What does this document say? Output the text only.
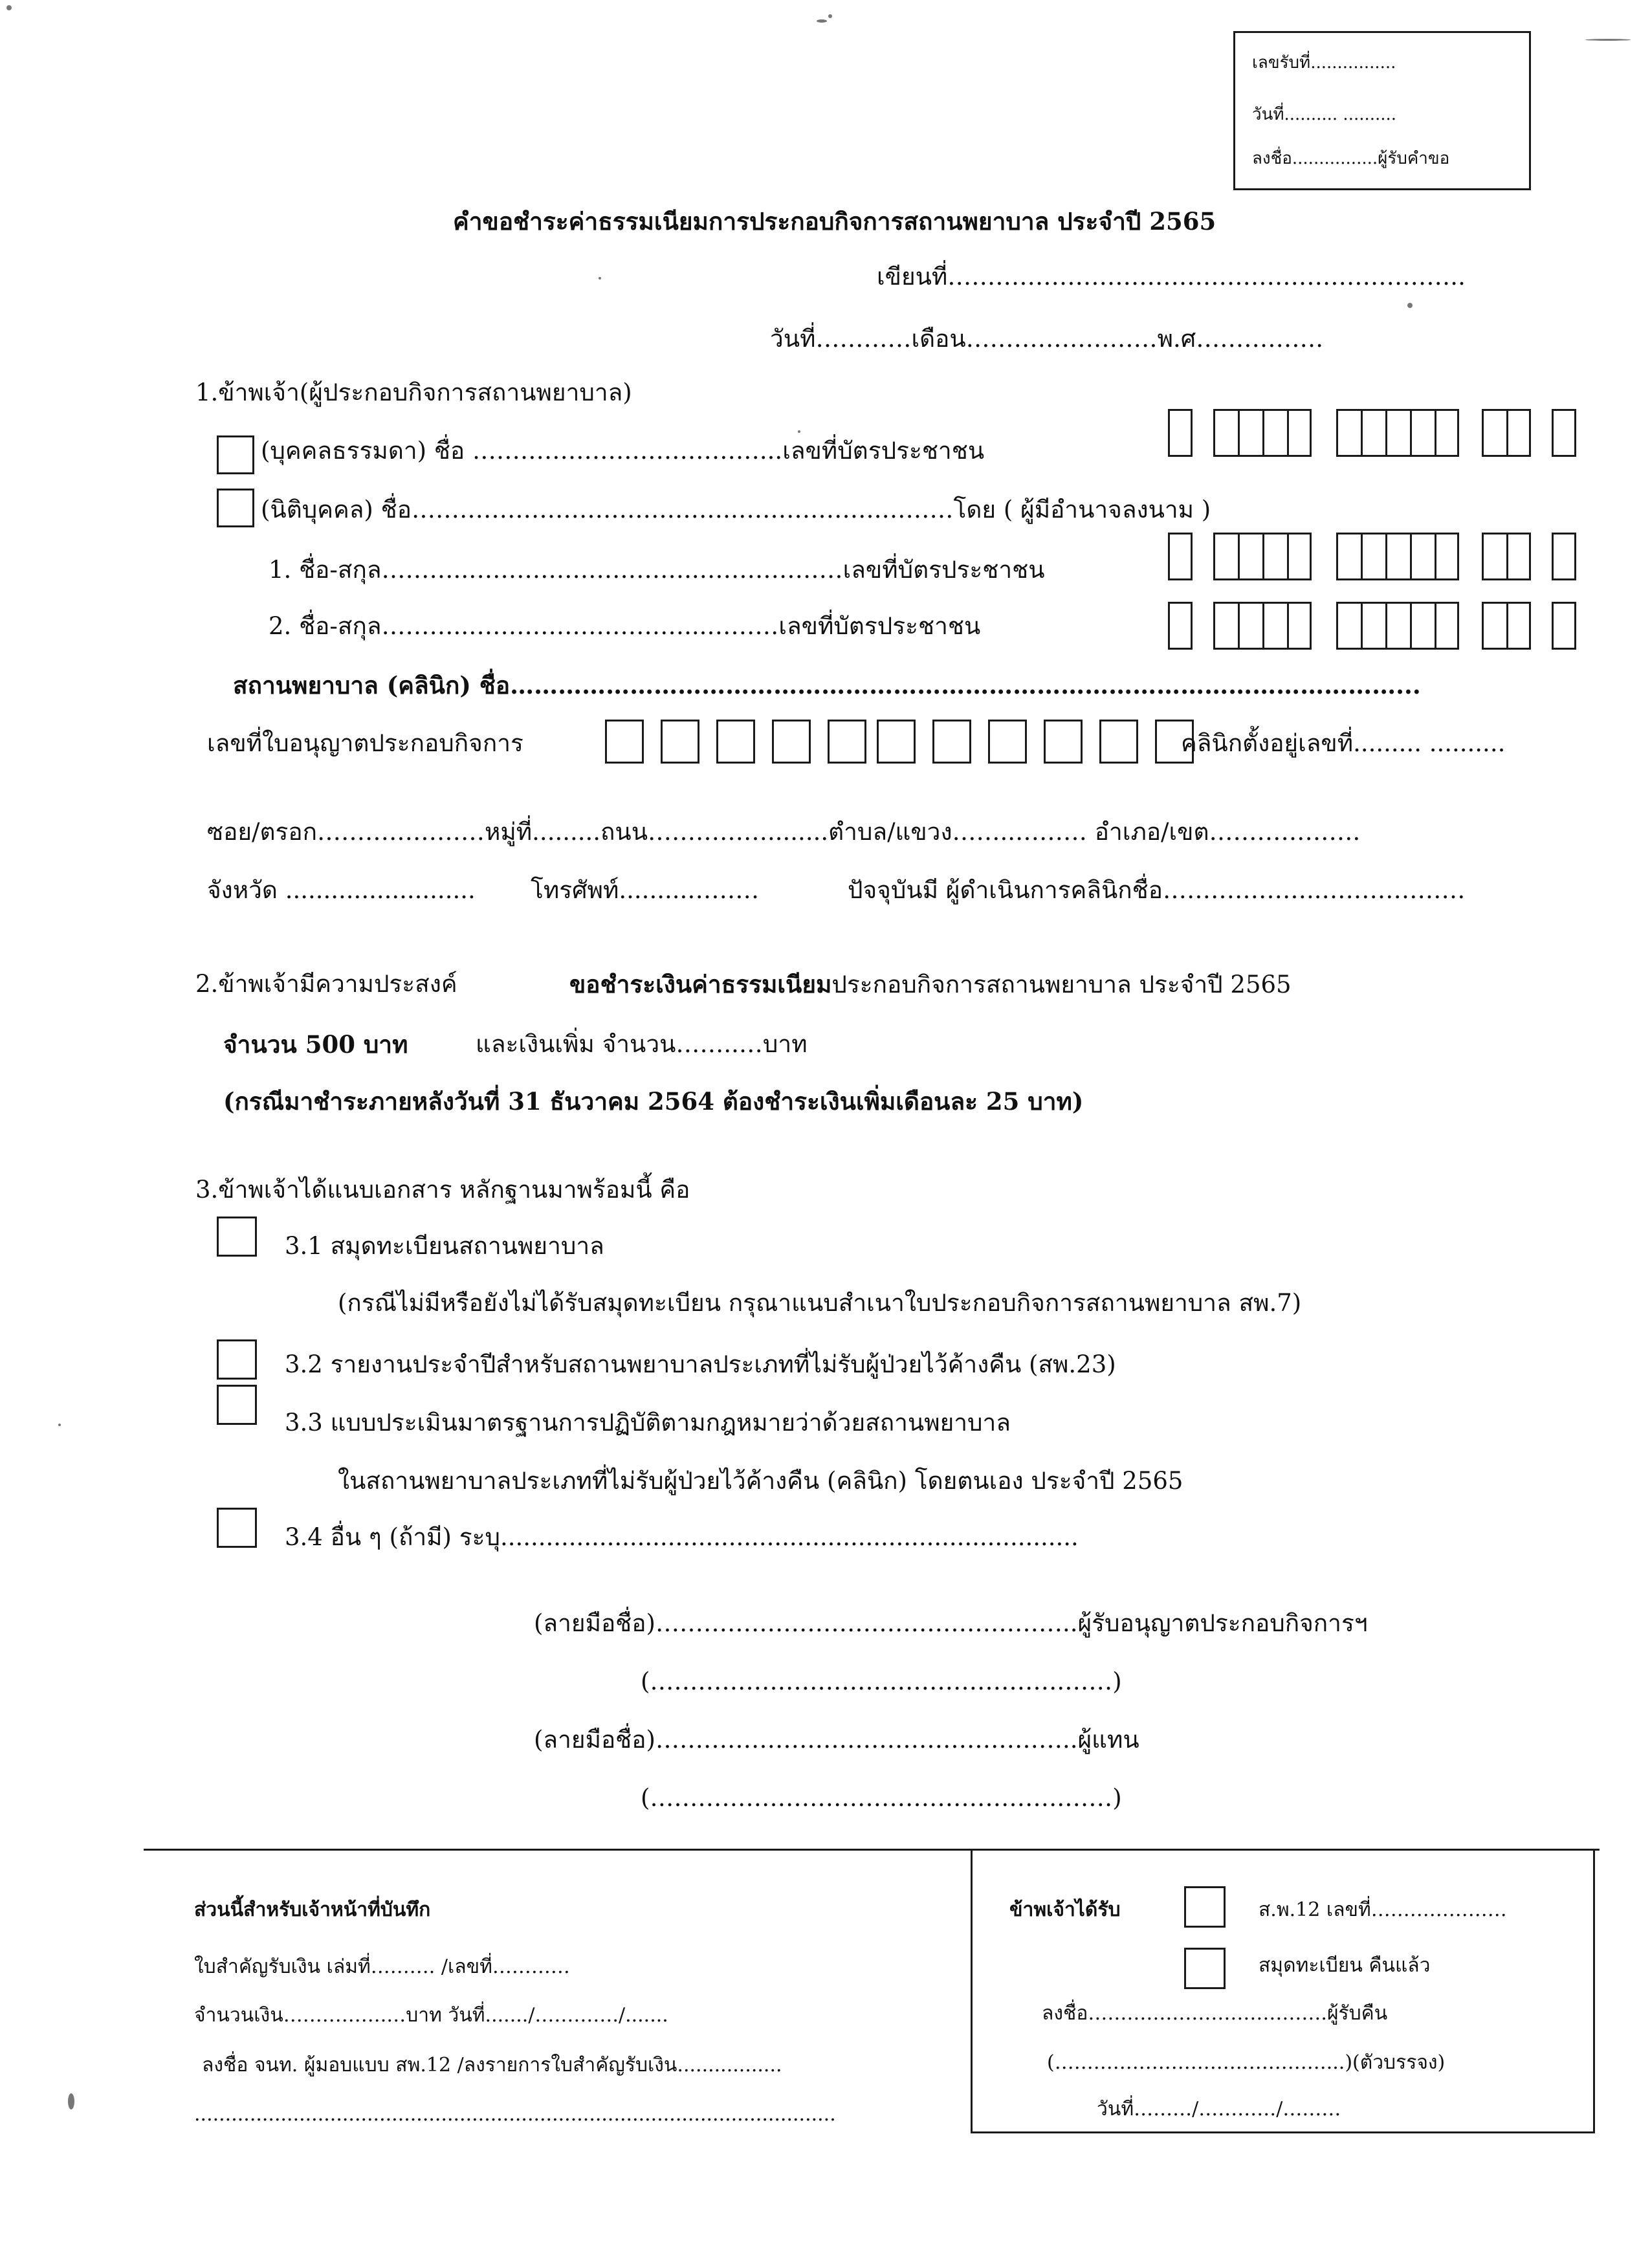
เลขรับที่................
วันที่.......... ..........
ลงชื่อ................ผู้รับคำขอ
คำขอชำระค่าธรรมเนียมการประกอบกิจการสถานพยาบาล ประจำปี 2565
เขียนที่………………………………………………………..
วันที่…………เดือน……………………พ.ศ…………….
1.ข้าพเจ้า(ผู้ประกอบกิจการสถานพยาบาล)
(บุคคลธรรมดา) ชื่อ ………………………………...เลขที่บัตรประชาชน
(นิติบุคคล) ชื่อ………………………………….……………….………โดย ( ผู้มีอำนาจลงนาม )
1. ชื่อ-สกุล………..………………………..………………เลขที่บัตรประชาชน
2. ชื่อ-สกุล………..………………………...………เลขที่บัตรประชาชน
สถานพยาบาล (คลินิก) ชื่อ…………………………………………………………………………………………………...
เลขที่ใบอนุญาตประกอบกิจการ	คลินิกตั้งอยู่เลขที่......... ..........
ซอย/ตรอก…………………หมู่ที่.........ถนน……………........ตำบล/แขวง……..……… อำเภอ/เขต……………….
จังหวัด ......................... โทรศัพท์.........………	ปัจจุบันมี ผู้ดำเนินการคลินิกชื่อ………………..………………
2.ข้าพเจ้ามีความประสงค์	ขอชำระเงินค่าธรรมเนียมประกอบกิจการสถานพยาบาล ประจำปี 2565
จำนวน 500 บาท	และเงินเพิ่ม จำนวน……..…บาท
(กรณีมาชำระภายหลังวันที่ 31 ธันวาคม 2564 ต้องชำระเงินเพิ่มเดือนละ 25 บาท)
3.ข้าพเจ้าได้แนบเอกสาร หลักฐานมาพร้อมนี้ คือ
3.1 สมุดทะเบียนสถานพยาบาล
(กรณีไม่มีหรือยังไม่ได้รับสมุดทะเบียน กรุณาแนบสำเนาใบประกอบกิจการสถานพยาบาล สพ.7)
3.2 รายงานประจำปีสำหรับสถานพยาบาลประเภทที่ไม่รับผู้ป่วยไว้ค้างคืน (สพ.23)
3.3 แบบประเมินมาตรฐานการปฏิบัติตามกฎหมายว่าด้วยสถานพยาบาล
ในสถานพยาบาลประเภทที่ไม่รับผู้ป่วยไว้ค้างคืน (คลินิก) โดยตนเอง ประจำปี 2565
3.4 อื่น ๆ (ถ้ามี) ระบุ............................................................................
(ลายมือชื่อ)……………………………………………..ผู้รับอนุญาตประกอบกิจการฯ
(…………………………………………….……)
(ลายมือชื่อ)……………………………………………..ผู้แทน
(…………………………………………….……)
ส่วนนี้สำหรับเจ้าหน้าที่บันทึก
ใบสำคัญรับเงิน เล่มที่………. /เลขที่…………
จำนวนเงิน…………….…บาท วันที่......./…………./.......
ลงชื่อ จนท. ผู้มอบแบบ สพ.12 /ลงรายการใบสำคัญรับเงิน.................
........................................................................................................
ข้าพเจ้าได้รับ	ส.พ.12 เลขที่…………………
สมุดทะเบียน คืนแล้ว
ลงชื่อ……………………………….ผู้รับคืน
(……………………………………...)(ตัวบรรจง)
วันที่………/…………/………
